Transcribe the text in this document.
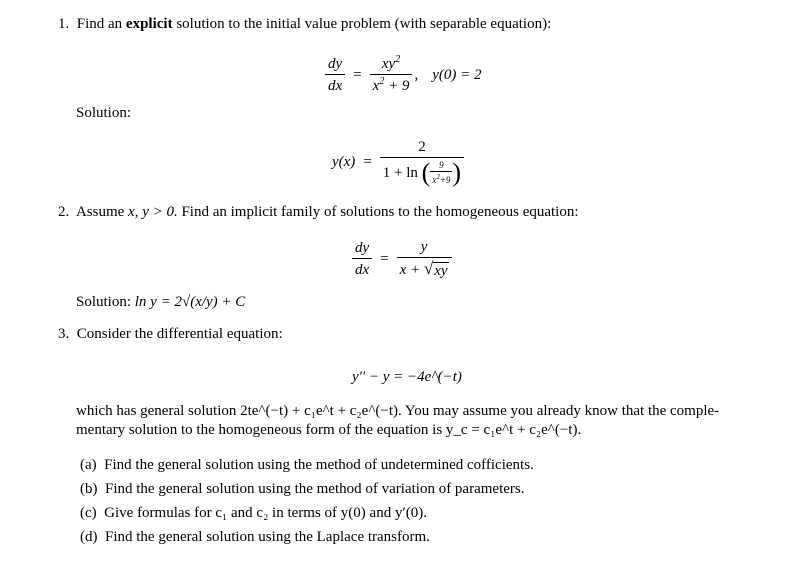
1. Find an explicit solution to the initial value problem (with separable equation):
$\frac{dy}{dx} = \frac{xy^2}{x^2 + 9}$ , y(0) = 2
Solution:
$y(x) = \frac{2}{1 + \ln ( \frac{9}{x^2+9} )}$
2. Assume x, y > 0. Find an implicit family of solutions to the homogeneous equation:
$\frac{dy}{dx} = \frac{y}{x + √ xy}$
Solution: ln y = 2√(x/y) + C
3. Consider the differential equation:
y'' − y = −4e^(−t)
which has general solution 2te^(−t) + c₁e^t + c₂e^(−t). You may assume you already know that the comple-
mentary solution to the homogeneous form of the equation is y_c = c₁e^t + c₂e^(−t).
(a) Find the general solution using the method of undetermined cofficients.
(b) Find the general solution using the method of variation of parameters.
(c) Give formulas for c₁ and c₂ in terms of y(0) and y′(0).
(d) Find the general solution using the Laplace transform.
